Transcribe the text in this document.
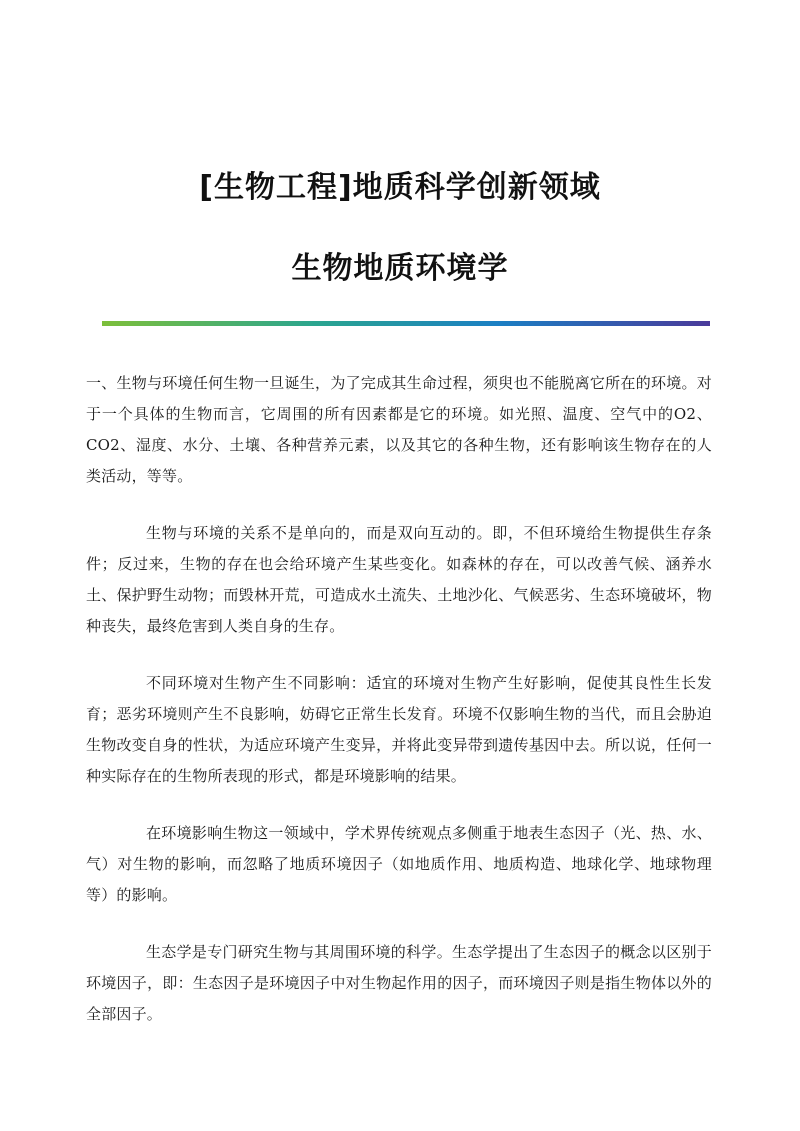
[生物工程]地质科学创新领域
生物地质环境学

一、生物与环境任何生物一旦诞生，为了完成其生命过程，须臾也不能脱离它所在的环境。对于一个具体的生物而言，它周围的所有因素都是它的环境。如光照、温度、空气中的O2、CO2、湿度、水分、土壤、各种营养元素，以及其它的各种生物，还有影响该生物存在的人类活动，等等。

生物与环境的关系不是单向的，而是双向互动的。即，不但环境给生物提供生存条件；反过来，生物的存在也会给环境产生某些变化。如森林的存在，可以改善气候、涵养水土、保护野生动物；而毁林开荒，可造成水土流失、土地沙化、气候恶劣、生态环境破坏，物种丧失，最终危害到人类自身的生存。

不同环境对生物产生不同影响：适宜的环境对生物产生好影响，促使其良性生长发育；恶劣环境则产生不良影响，妨碍它正常生长发育。环境不仅影响生物的当代，而且会胁迫生物改变自身的性状，为适应环境产生变异，并将此变异带到遗传基因中去。所以说，任何一种实际存在的生物所表现的形式，都是环境影响的结果。

在环境影响生物这一领域中，学术界传统观点多侧重于地表生态因子（光、热、水、气）对生物的影响，而忽略了地质环境因子（如地质作用、地质构造、地球化学、地球物理等）的影响。

生态学是专门研究生物与其周围环境的科学。生态学提出了生态因子的概念以区别于环境因子，即：生态因子是环境因子中对生物起作用的因子，而环境因子则是指生物体以外的全部因子。
